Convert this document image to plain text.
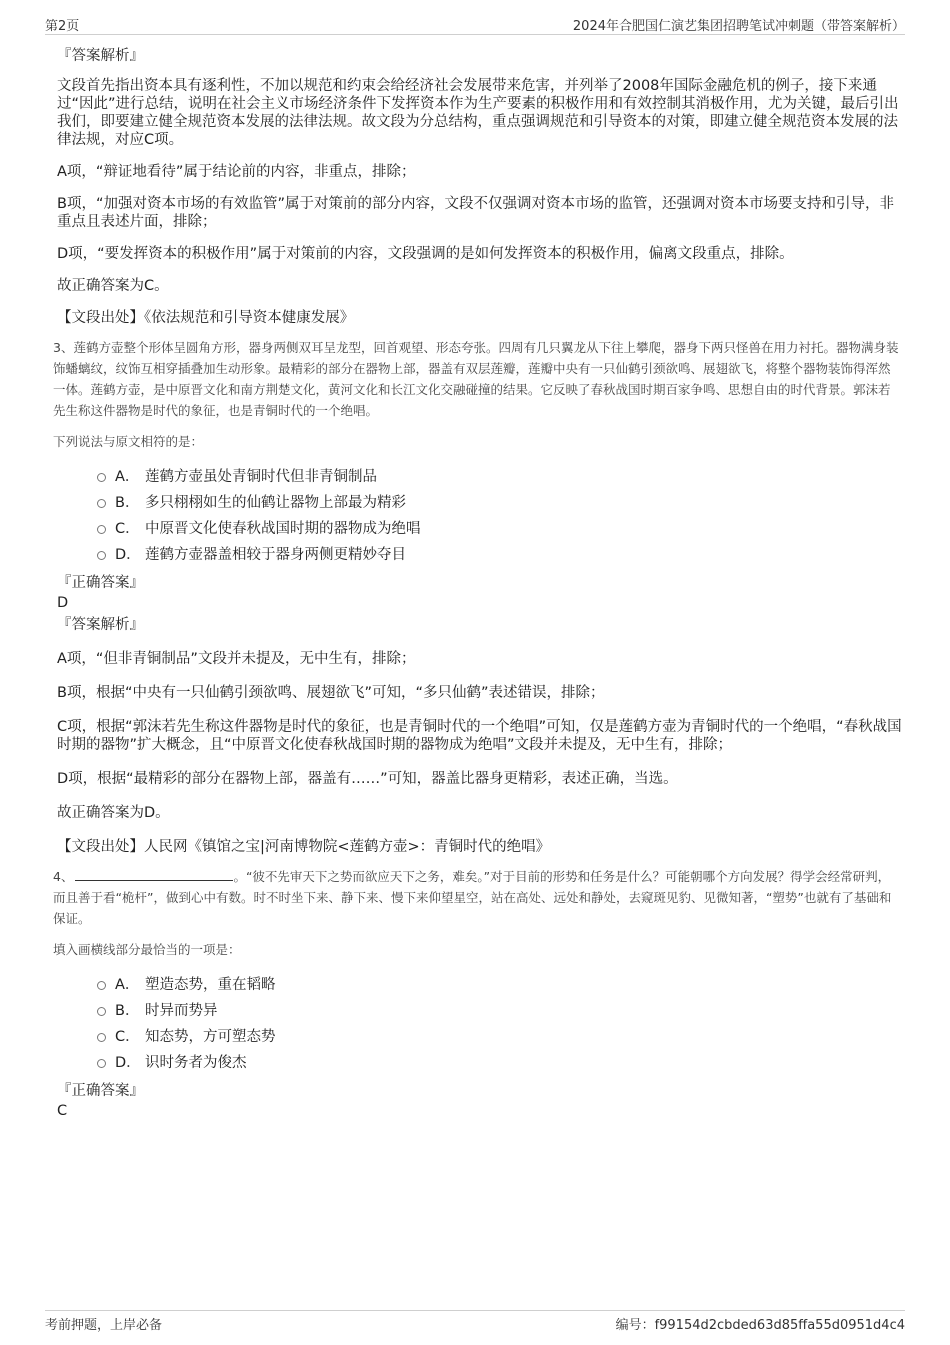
第2页	2024年合肥国仁演艺集团招聘笔试冲刺题（带答案解析）
『答案解析』

文段首先指出资本具有逐利性，不加以规范和约束会给经济社会发展带来危害，并列举了2008年国际金融危机的例子，接下来通过“因此”进行总结，说明在社会主义市场经济条件下发挥资本作为生产要素的积极作用和有效控制其消极作用，尤为关键，最后引出我们，即要建立健全规范资本发展的法律法规。故文段为分总结构，重点强调规范和引导资本的对策，即建立健全规范资本发展的法律法规，对应C项。

A项，“辩证地看待”属于结论前的内容，非重点，排除；

B项，“加强对资本市场的有效监管”属于对策前的部分内容，文段不仅强调对资本市场的监管，还强调对资本市场要支持和引导，非重点且表述片面，排除；

D项，“要发挥资本的积极作用”属于对策前的内容，文段强调的是如何发挥资本的积极作用，偏离文段重点，排除。

故正确答案为C。

【文段出处】《依法规范和引导资本健康发展》

3、莲鹤方壶整个形体呈圆角方形，器身两侧双耳呈龙型，回首观望、形态夸张。四周有几只翼龙从下往上攀爬，器身下两只怪兽在用力衬托。器物满身装饰蟠螭纹，纹饰互相穿插叠加生动形象。最精彩的部分在器物上部，器盖有双层莲瓣，莲瓣中央有一只仙鹤引颈欲鸣、展翅欲飞，将整个器物装饰得浑然一体。莲鹤方壶，是中原晋文化和南方荆楚文化，黄河文化和长江文化交融碰撞的结果。它反映了春秋战国时期百家争鸣、思想自由的时代背景。郭沫若先生称这件器物是时代的象征，也是青铜时代的一个绝唱。

下列说法与原文相符的是：

A． 莲鹤方壶虽处青铜时代但非青铜制品
B． 多只栩栩如生的仙鹤让器物上部最为精彩
C． 中原晋文化使春秋战国时期的器物成为绝唱
D． 莲鹤方壶器盖相较于器身两侧更精妙夺目
『正确答案』
D
『答案解析』

A项，“但非青铜制品”文段并未提及，无中生有，排除；

B项，根据“中央有一只仙鹤引颈欲鸣、展翅欲飞”可知，“多只仙鹤”表述错误，排除；

C项，根据“郭沫若先生称这件器物是时代的象征，也是青铜时代的一个绝唱”可知，仅是莲鹤方壶为青铜时代的一个绝唱，“春秋战国时期的器物”扩大概念，且“中原晋文化使春秋战国时期的器物成为绝唱”文段并未提及，无中生有，排除；

D项，根据“最精彩的部分在器物上部，器盖有……”可知，器盖比器身更精彩，表述正确，当选。

故正确答案为D。

【文段出处】人民网《镇馆之宝|河南博物院<莲鹤方壶>：青铜时代的绝唱》

4、	。“彼不先审天下之势而欲应天下之务，难矣。”对于目前的形势和任务是什么？可能朝哪个方向发展？得学会经常研判，而且善于看“桅杆”，做到心中有数。时不时坐下来、静下来、慢下来仰望星空，站在高处、远处和静处，去窥斑见豹、见微知著，“塑势”也就有了基础和保证。

填入画横线部分最恰当的一项是：

A． 塑造态势，重在韬略
B． 时异而势异
C． 知态势，方可塑态势
D． 识时务者为俊杰
『正确答案』
C
考前押题，上岸必备	编号：f99154d2cbded63d85ffa55d0951d4c4
